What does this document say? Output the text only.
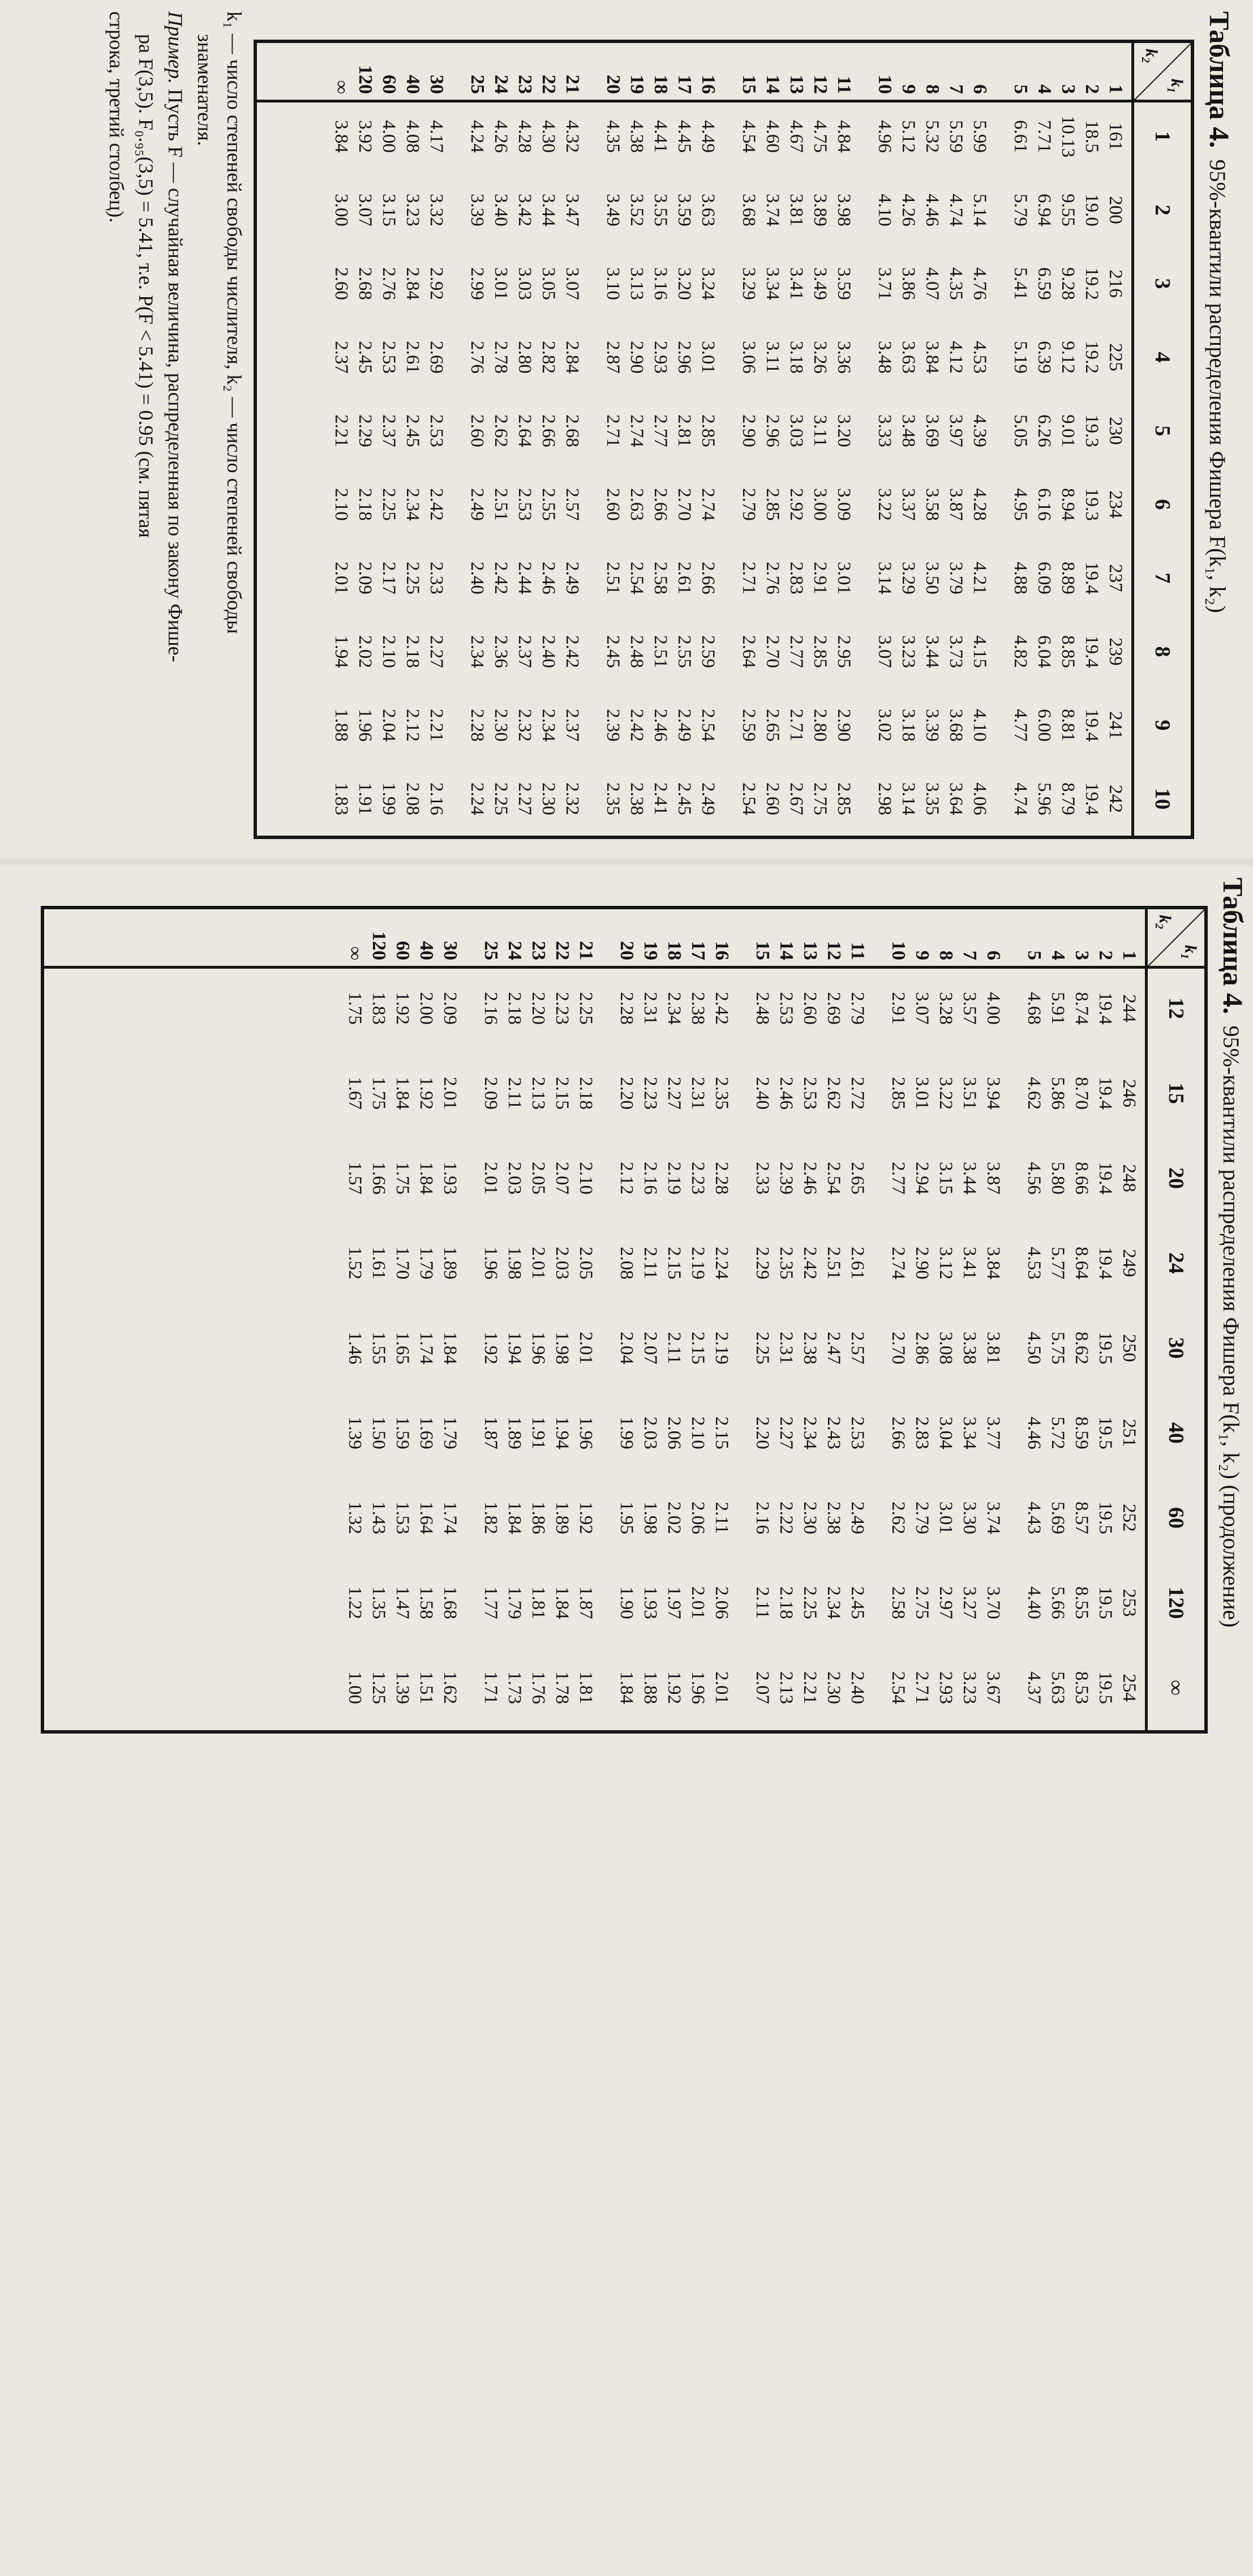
Таблица 4.95%-квантили распределения Фишера F(k₁, k₂)
$k_1$
$k_2$
1
2
3
4
5
6
7
8
9
10
1
2
3
4
5
6
7
8
9
10
11
12
13
14
15
16
17
18
19
20
21
22
23
24
25
30
40
60
120
∞
161
200
216
225
230
234
237
239
241
242
18.5
19.0
19.2
19.2
19.3
19.3
19.4
19.4
19.4
19.4
10.13
9.55
9.28
9.12
9.01
8.94
8.89
8.85
8.81
8.79
7.71
6.94
6.59
6.39
6.26
6.16
6.09
6.04
6.00
5.96
6.61
5.79
5.41
5.19
5.05
4.95
4.88
4.82
4.77
4.74
5.99
5.14
4.76
4.53
4.39
4.28
4.21
4.15
4.10
4.06
5.59
4.74
4.35
4.12
3.97
3.87
3.79
3.73
3.68
3.64
5.32
4.46
4.07
3.84
3.69
3.58
3.50
3.44
3.39
3.35
5.12
4.26
3.86
3.63
3.48
3.37
3.29
3.23
3.18
3.14
4.96
4.10
3.71
3.48
3.33
3.22
3.14
3.07
3.02
2.98
4.84
3.98
3.59
3.36
3.20
3.09
3.01
2.95
2.90
2.85
4.75
3.89
3.49
3.26
3.11
3.00
2.91
2.85
2.80
2.75
4.67
3.81
3.41
3.18
3.03
2.92
2.83
2.77
2.71
2.67
4.60
3.74
3.34
3.11
2.96
2.85
2.76
2.70
2.65
2.60
4.54
3.68
3.29
3.06
2.90
2.79
2.71
2.64
2.59
2.54
4.49
3.63
3.24
3.01
2.85
2.74
2.66
2.59
2.54
2.49
4.45
3.59
3.20
2.96
2.81
2.70
2.61
2.55
2.49
2.45
4.41
3.55
3.16
2.93
2.77
2.66
2.58
2.51
2.46
2.41
4.38
3.52
3.13
2.90
2.74
2.63
2.54
2.48
2.42
2.38
4.35
3.49
3.10
2.87
2.71
2.60
2.51
2.45
2.39
2.35
4.32
3.47
3.07
2.84
2.68
2.57
2.49
2.42
2.37
2.32
4.30
3.44
3.05
2.82
2.66
2.55
2.46
2.40
2.34
2.30
4.28
3.42
3.03
2.80
2.64
2.53
2.44
2.37
2.32
2.27
4.26
3.40
3.01
2.78
2.62
2.51
2.42
2.36
2.30
2.25
4.24
3.39
2.99
2.76
2.60
2.49
2.40
2.34
2.28
2.24
4.17
3.32
2.92
2.69
2.53
2.42
2.33
2.27
2.21
2.16
4.08
3.23
2.84
2.61
2.45
2.34
2.25
2.18
2.12
2.08
4.00
3.15
2.76
2.53
2.37
2.25
2.17
2.10
2.04
1.99
3.92
3.07
2.68
2.45
2.29
2.18
2.09
2.02
1.96
1.91
3.84
3.00
2.60
2.37
2.21
2.10
2.01
1.94
1.88
1.83

k₁ — число степеней свободы числителя, k₂ — число степеней свободы

знаменателя.

Пример. Пусть F — случайная величина, распределенная по закону Фише-

ра F(3,5). F₀.₉₅(3,5) = 5.41, т.е. P(F < 5.41) = 0.95 (см. пятая

строка, третий столбец).

Таблица 4.95%-квантили распределения Фишера F(k₁, k₂) (продолжение)
$k_1$
$k_2$
12
15
20
24
30
40
60
120
∞
1
2
3
4
5
6
7
8
9
10
11
12
13
14
15
16
17
18
19
20
21
22
23
24
25
30
40
60
120
∞
244
246
248
249
250
251
252
253
254
19.4
19.4
19.4
19.4
19.5
19.5
19.5
19.5
19.5
8.74
8.70
8.66
8.64
8.62
8.59
8.57
8.55
8.53
5.91
5.86
5.80
5.77
5.75
5.72
5.69
5.66
5.63
4.68
4.62
4.56
4.53
4.50
4.46
4.43
4.40
4.37
4.00
3.94
3.87
3.84
3.81
3.77
3.74
3.70
3.67
3.57
3.51
3.44
3.41
3.38
3.34
3.30
3.27
3.23
3.28
3.22
3.15
3.12
3.08
3.04
3.01
2.97
2.93
3.07
3.01
2.94
2.90
2.86
2.83
2.79
2.75
2.71
2.91
2.85
2.77
2.74
2.70
2.66
2.62
2.58
2.54
2.79
2.72
2.65
2.61
2.57
2.53
2.49
2.45
2.40
2.69
2.62
2.54
2.51
2.47
2.43
2.38
2.34
2.30
2.60
2.53
2.46
2.42
2.38
2.34
2.30
2.25
2.21
2.53
2.46
2.39
2.35
2.31
2.27
2.22
2.18
2.13
2.48
2.40
2.33
2.29
2.25
2.20
2.16
2.11
2.07
2.42
2.35
2.28
2.24
2.19
2.15
2.11
2.06
2.01
2.38
2.31
2.23
2.19
2.15
2.10
2.06
2.01
1.96
2.34
2.27
2.19
2.15
2.11
2.06
2.02
1.97
1.92
2.31
2.23
2.16
2.11
2.07
2.03
1.98
1.93
1.88
2.28
2.20
2.12
2.08
2.04
1.99
1.95
1.90
1.84
2.25
2.18
2.10
2.05
2.01
1.96
1.92
1.87
1.81
2.23
2.15
2.07
2.03
1.98
1.94
1.89
1.84
1.78
2.20
2.13
2.05
2.01
1.96
1.91
1.86
1.81
1.76
2.18
2.11
2.03
1.98
1.94
1.89
1.84
1.79
1.73
2.16
2.09
2.01
1.96
1.92
1.87
1.82
1.77
1.71
2.09
2.01
1.93
1.89
1.84
1.79
1.74
1.68
1.62
2.00
1.92
1.84
1.79
1.74
1.69
1.64
1.58
1.51
1.92
1.84
1.75
1.70
1.65
1.59
1.53
1.47
1.39
1.83
1.75
1.66
1.61
1.55
1.50
1.43
1.35
1.25
1.75
1.67
1.57
1.52
1.46
1.39
1.32
1.22
1.00
